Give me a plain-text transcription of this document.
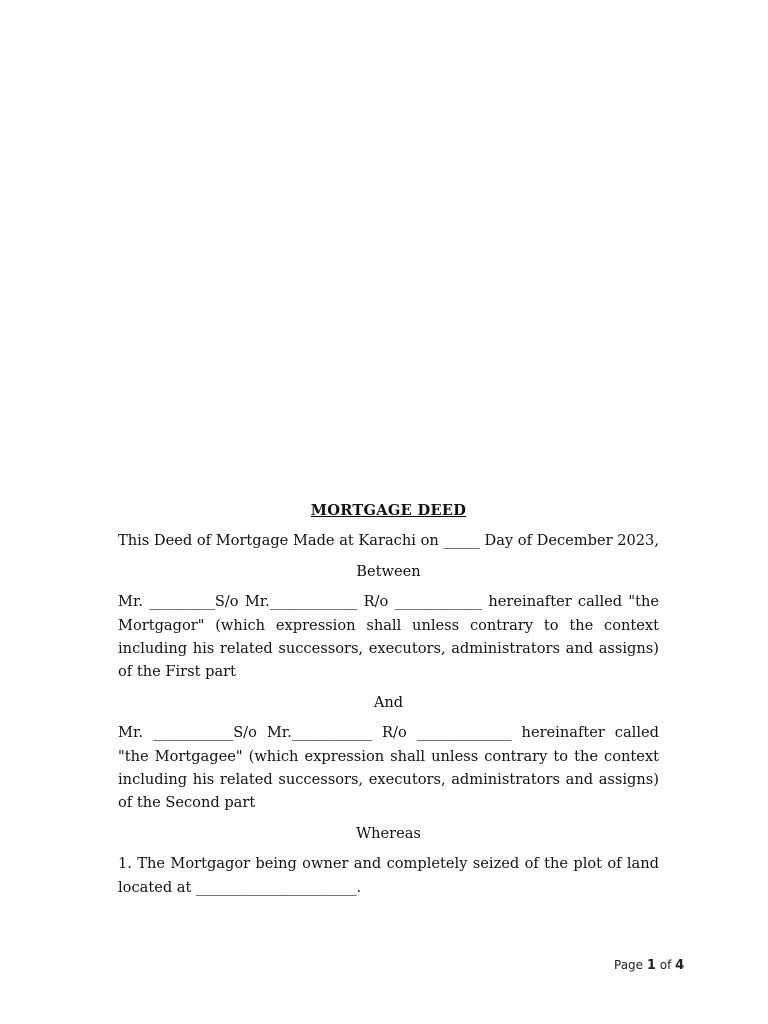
MORTGAGE DEED
This Deed of Mortgage Made at Karachi on _____ Day of December 2023,
Between
Mr. _________S/o Mr.____________ R/o ____________ hereinafter called "the Mortgagor" (which expression shall unless contrary to the context including his related successors, executors, administrators and assigns) of the First part
And
Mr. ___________S/o Mr.___________ R/o _____________ hereinafter called "the Mortgagee" (which expression shall unless contrary to the context including his related successors, executors, administrators and assigns) of the Second part
Whereas
1. The Mortgagor being owner and completely seized of the plot of land located at ______________________.
Page 1 of 4
